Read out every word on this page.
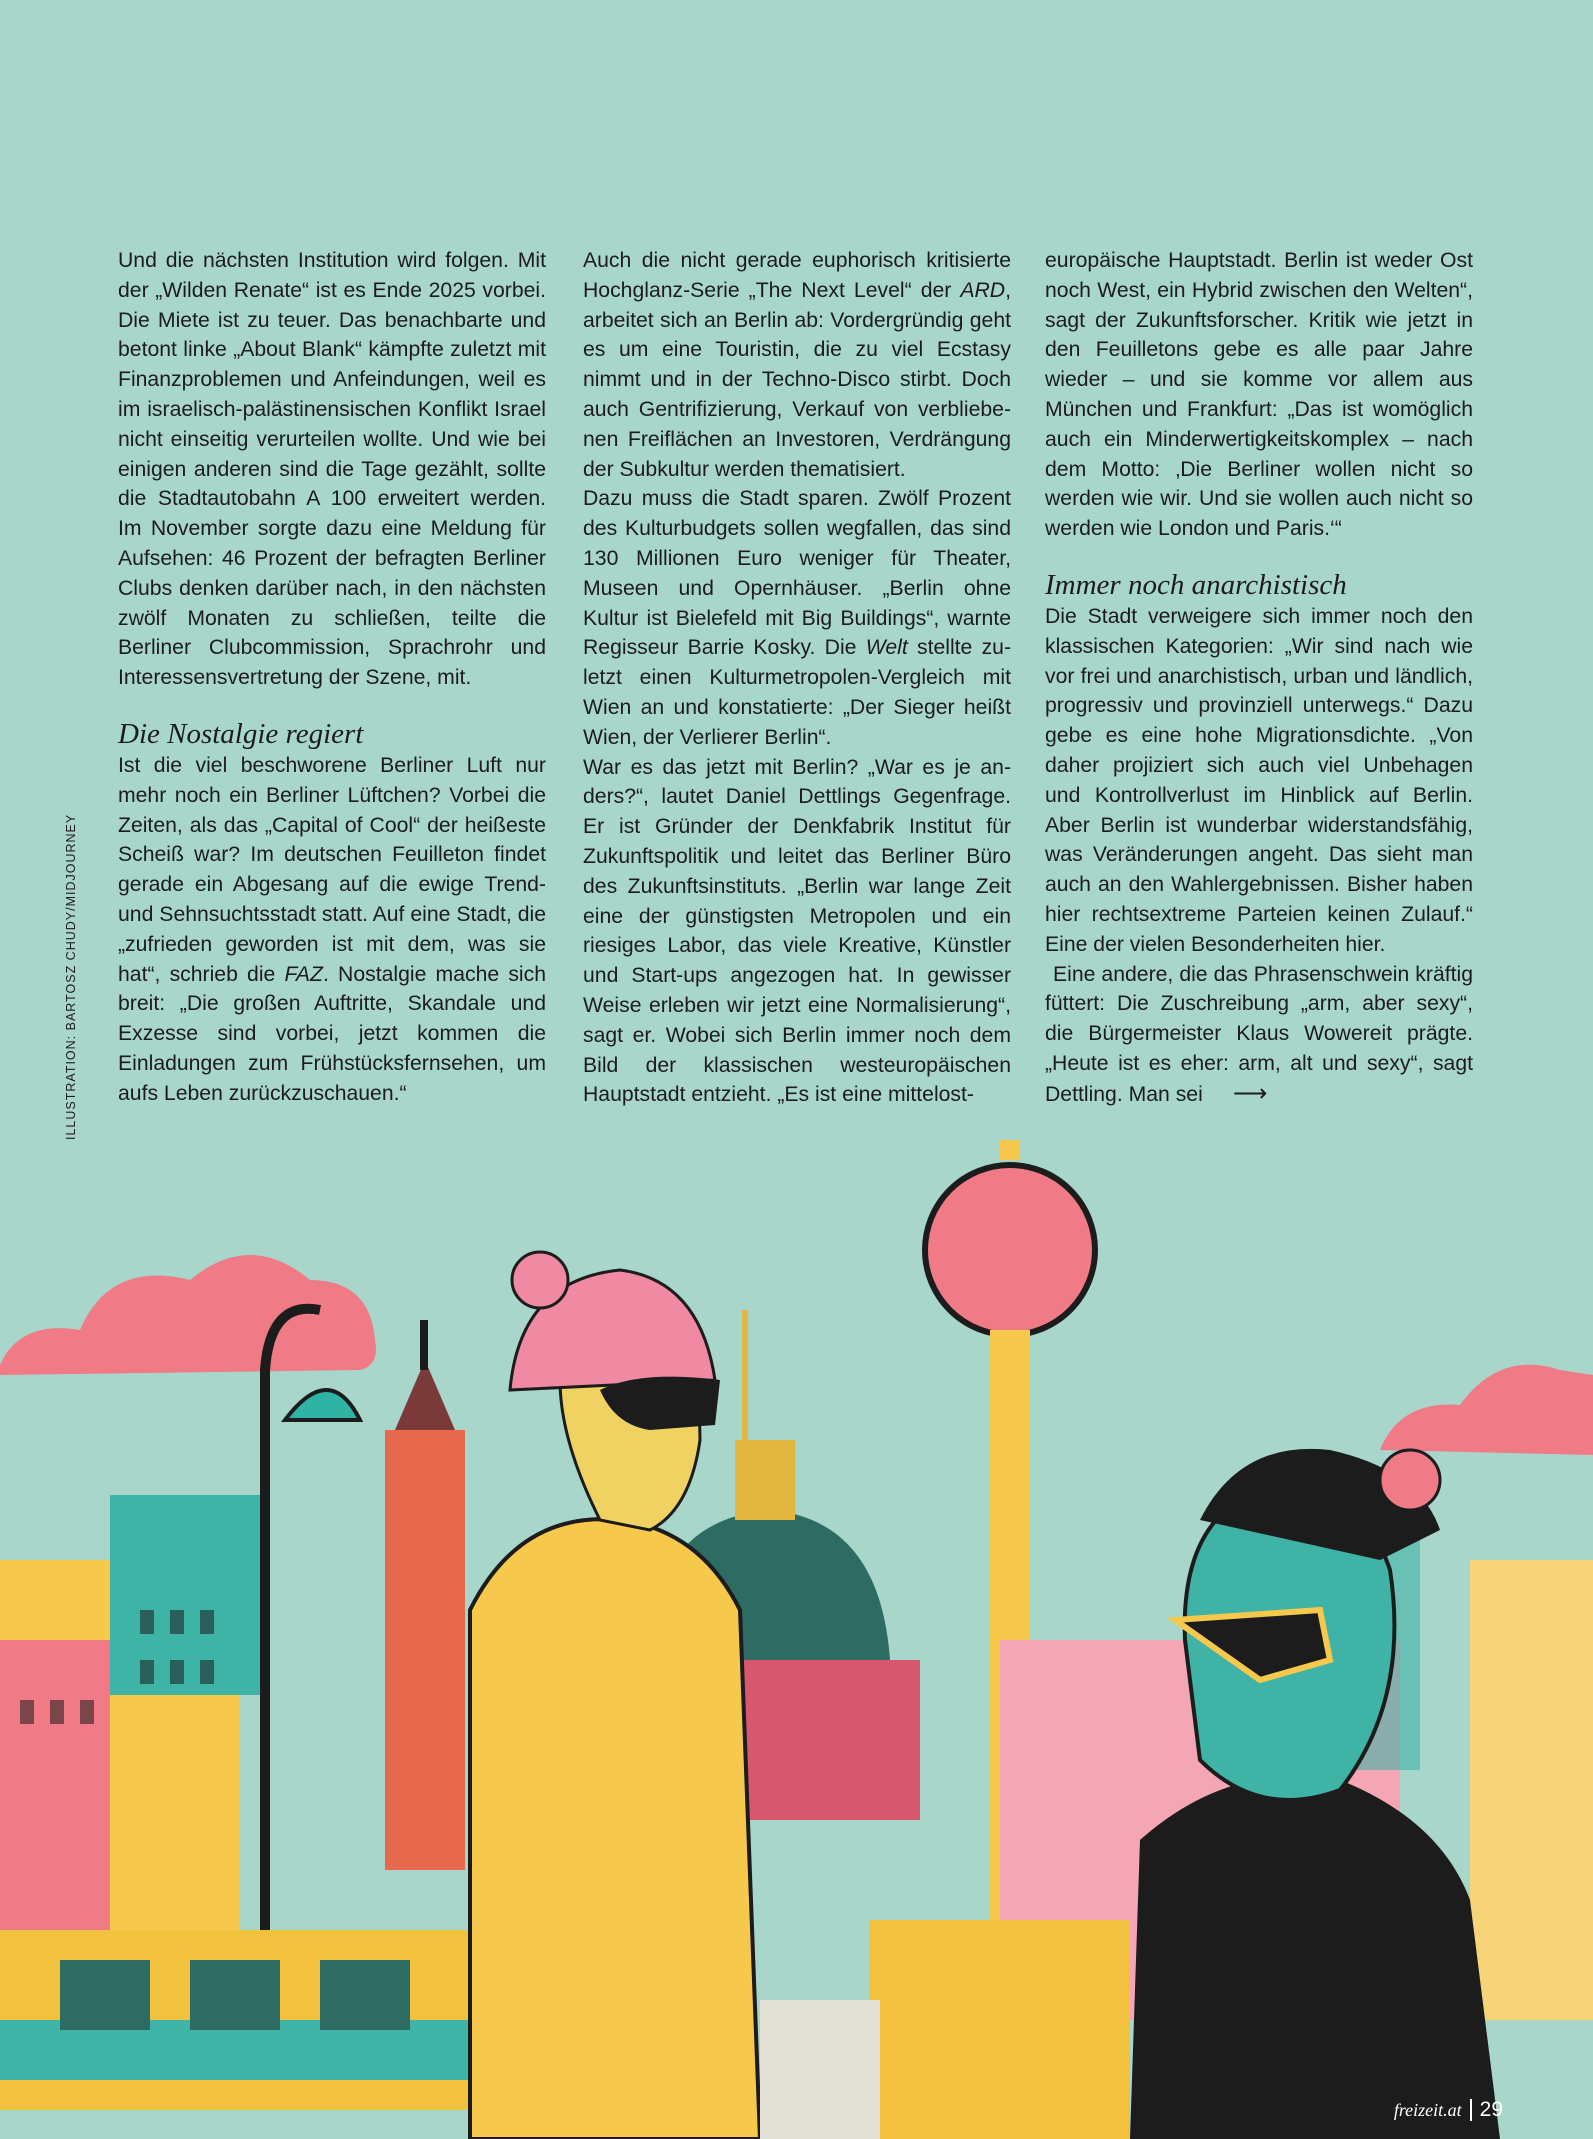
Und die nächsten Institution wird folgen. Mit der „Wilden Renate“ ist es Ende 2025 vorbei. Die Miete ist zu teuer. Das benachbarte und betont linke „About Blank“ kämpfte zuletzt mit Finanzproblemen und Anfeindungen, weil es im israelisch-palästinensischen Konflikt Israel nicht einseitig verurteilen wollte. Und wie bei einigen anderen sind die Tage gezählt, sollte die Stadtautobahn A 100 erweitert werden. Im November sorgte dazu eine Meldung für Aufsehen: 46 Prozent der befragten Berliner Clubs denken darüber nach, in den nächsten zwölf Monaten zu schließen, teilte die Berliner Clubcommission, Sprachrohr und Interessensvertretung der Szene, mit.

Die Nostalgie regiert

Ist die viel beschworene Berliner Luft nur mehr noch ein Berliner Lüftchen? Vorbei die Zeiten, als das „Capital of Cool“ der heißeste Scheiß war? Im deutschen Feuilleton findet gerade ein Abgesang auf die ewige Trend- und Sehnsuchtsstadt statt. Auf eine Stadt, die „zufrieden geworden ist mit dem, was sie hat“, schrieb die FAZ. Nostalgie mache sich breit: „Die großen Auftritte, Skandale und Exzesse sind vorbei, jetzt kommen die Einladungen zum Frühstücksfernsehen, um aufs Leben zurückzuschauen.“

Auch die nicht gerade euphorisch kritisierte Hochglanz-Serie „The Next Level“ der ARD, arbeitet sich an Berlin ab: Vordergründig geht es um eine Touristin, die zu viel Ecstasy nimmt und in der Techno-Disco stirbt. Doch auch Gentrifizierung, Verkauf von verbliebenen Freiflächen an Investoren, Verdrängung der Subkultur werden thematisiert.

Dazu muss die Stadt sparen. Zwölf Prozent des Kulturbudgets sollen wegfallen, das sind 130 Millionen Euro weniger für Theater, Museen und Opernhäuser. „Berlin ohne Kultur ist Bielefeld mit Big Buildings“, warnte Regisseur Barrie Kosky. Die Welt stellte zuletzt einen Kulturmetropolen-Vergleich mit Wien an und konstatierte: „Der Sieger heißt Wien, der Verlierer Berlin“.

War es das jetzt mit Berlin? „War es je anders?“, lautet Daniel Dettlings Gegenfrage. Er ist Gründer der Denkfabrik Institut für Zukunftspolitik und leitet das Berliner Büro des Zukunftsinstituts. „Berlin war lange Zeit eine der günstigsten Metropolen und ein riesiges Labor, das viele Kreative, Künstler und Start-ups angezogen hat. In gewisser Weise erleben wir jetzt eine Normalisierung“, sagt er. Wobei sich Berlin immer noch dem Bild der klassischen westeuropäischen Hauptstadt entzieht. „Es ist eine mittelost-

europäische Hauptstadt. Berlin ist weder Ost noch West, ein Hybrid zwischen den Welten“, sagt der Zukunftsforscher. Kritik wie jetzt in den Feuilletons gebe es alle paar Jahre wieder – und sie komme vor allem aus München und Frankfurt: „Das ist womöglich auch ein Minderwertigkeitskomplex – nach dem Motto: ‚Die Berliner wollen nicht so werden wie wir. Und sie wollen auch nicht so werden wie London und Paris.‘“

Immer noch anarchistisch

Die Stadt verweigere sich immer noch den klassischen Kategorien: „Wir sind nach wie vor frei und anarchistisch, urban und ländlich, progressiv und provinziell unterwegs.“ Dazu gebe es eine hohe Migrationsdichte. „Von daher projiziert sich auch viel Unbehagen und Kontrollverlust im Hinblick auf Berlin. Aber Berlin ist wunderbar widerstandsfähig, was Veränderungen angeht. Das sieht man auch an den Wahlergebnissen. Bisher haben hier rechtsextreme Parteien keinen Zulauf.“ Eine der vielen Besonderheiten hier.

Eine andere, die das Phrasenschwein kräftig füttert: Die Zuschreibung „arm, aber sexy“, die Bürgermeister Klaus Wowereit prägte. „Heute ist es eher: arm, alt und sexy“, sagt Dettling. Man sei ⟶

ILLUSTRATION: BARTOSZ CHUDY/MIDJOURNEY
freizeit.at 29
